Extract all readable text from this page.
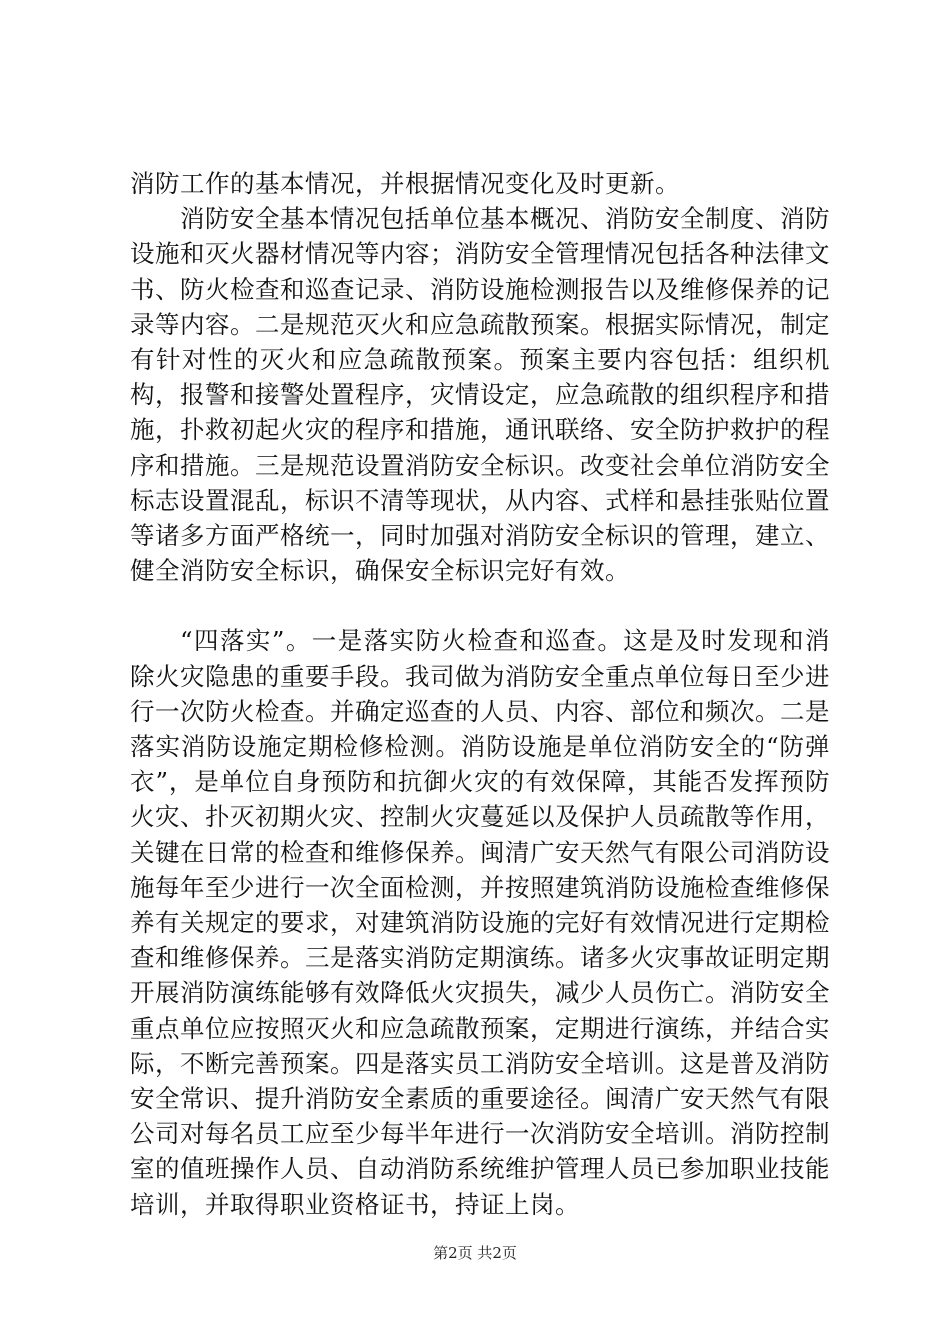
消防工作的基本情况，并根据情况变化及时更新。

消防安全基本情况包括单位基本概况、消防安全制度、消防设施和灭火器材情况等内容；消防安全管理情况包括各种法律文书、防火检查和巡查记录、消防设施检测报告以及维修保养的记录等内容。二是规范灭火和应急疏散预案。根据实际情况，制定有针对性的灭火和应急疏散预案。预案主要内容包括：组织机构，报警和接警处置程序，灾情设定，应急疏散的组织程序和措施，扑救初起火灾的程序和措施，通讯联络、安全防护救护的程序和措施。三是规范设置消防安全标识。改变社会单位消防安全标志设置混乱，标识不清等现状，从内容、式样和悬挂张贴位置等诸多方面严格统一，同时加强对消防安全标识的管理，建立、健全消防安全标识，确保安全标识完好有效。

“四落实”。一是落实防火检查和巡查。这是及时发现和消除火灾隐患的重要手段。我司做为消防安全重点单位每日至少进行一次防火检查。并确定巡查的人员、内容、部位和频次。二是落实消防设施定期检修检测。消防设施是单位消防安全的“防弹衣”，是单位自身预防和抗御火灾的有效保障，其能否发挥预防火灾、扑灭初期火灾、控制火灾蔓延以及保护人员疏散等作用，关键在日常的检查和维修保养。闽清广安天然气有限公司消防设施每年至少进行一次全面检测，并按照建筑消防设施检查维修保养有关规定的要求，对建筑消防设施的完好有效情况进行定期检查和维修保养。三是落实消防定期演练。诸多火灾事故证明定期开展消防演练能够有效降低火灾损失，减少人员伤亡。消防安全重点单位应按照灭火和应急疏散预案，定期进行演练，并结合实际，不断完善预案。四是落实员工消防安全培训。这是普及消防安全常识、提升消防安全素质的重要途径。闽清广安天然气有限公司对每名员工应至少每半年进行一次消防安全培训。消防控制室的值班操作人员、自动消防系统维护管理人员已参加职业技能培训，并取得职业资格证书，持证上岗。

第2页 共2页
